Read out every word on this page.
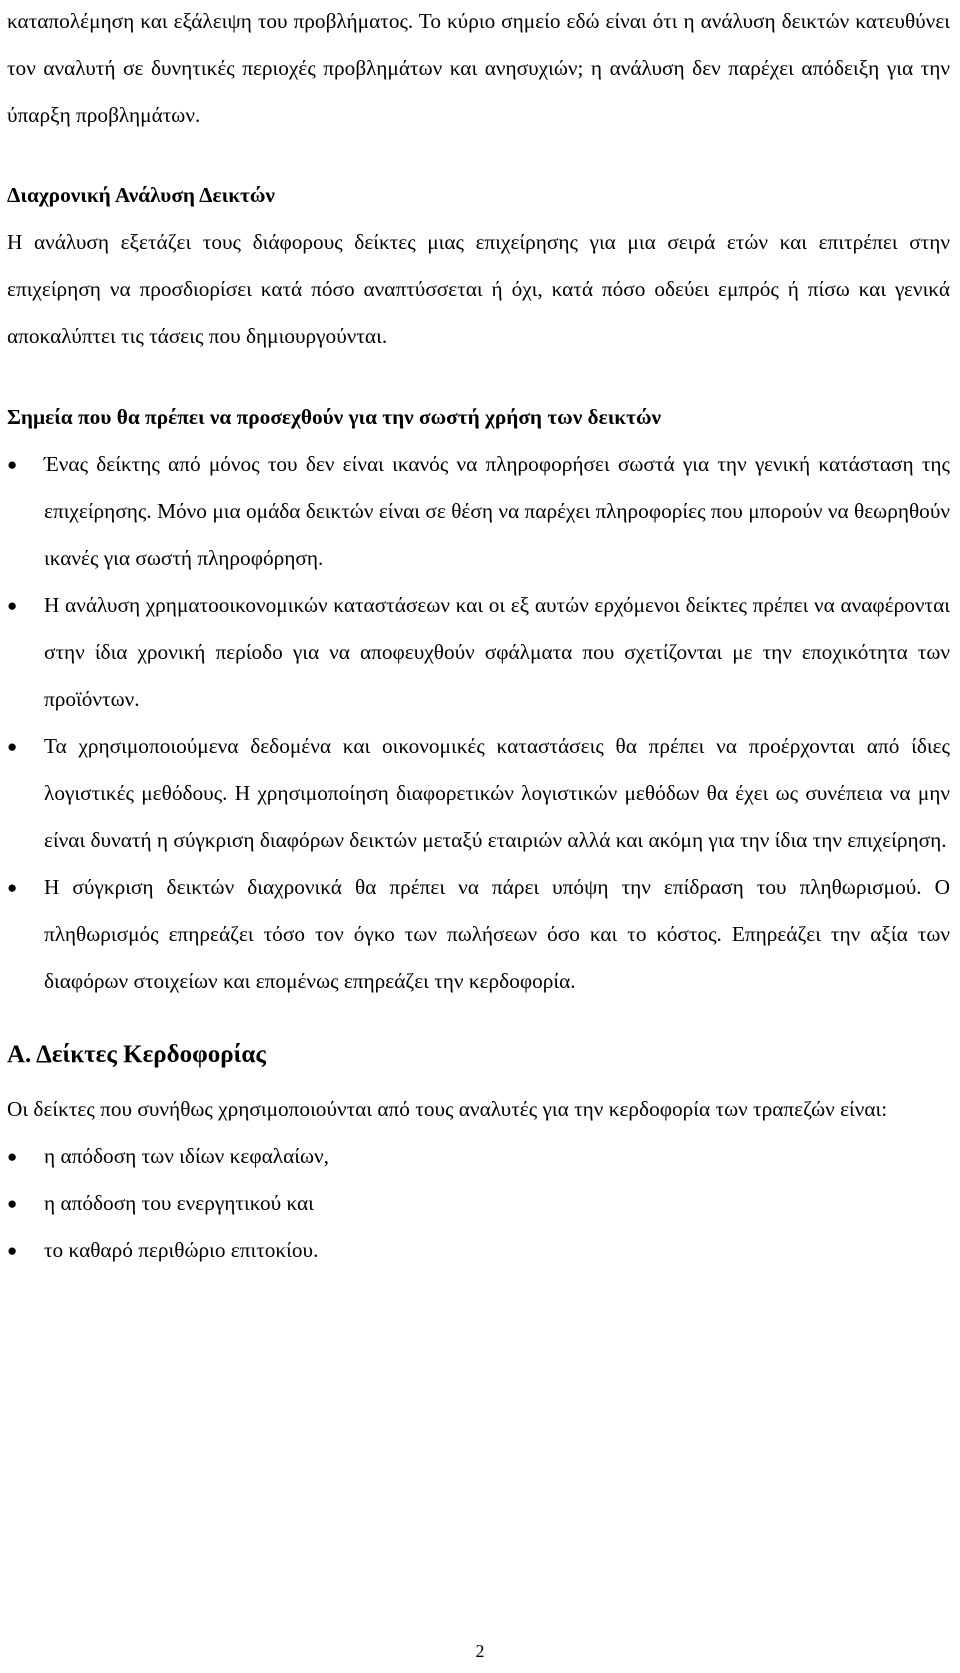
καταπολέμηση και εξάλειψη του προβλήματος. Το κύριο σημείο εδώ είναι ότι η ανάλυση δεικτών κατευθύνει τον αναλυτή σε δυνητικές περιοχές προβλημάτων και ανησυχιών; η ανάλυση δεν παρέχει απόδειξη για την ύπαρξη προβλημάτων.

Διαχρονική Ανάλυση Δεικτών

Η ανάλυση εξετάζει τους διάφορους δείκτες μιας επιχείρησης για μια σειρά ετών και επιτρέπει στην επιχείρηση να προσδιορίσει κατά πόσο αναπτύσσεται ή όχι, κατά πόσο οδεύει εμπρός ή πίσω και γενικά αποκαλύπτει τις τάσεις που δημιουργούνται.

Σημεία που θα πρέπει να προσεχθούν για την σωστή χρήση των δεικτών
●	Ένας δείκτης από μόνος του δεν είναι ικανός να πληροφορήσει σωστά για την γενική κατάσταση της επιχείρησης. Μόνο μια ομάδα δεικτών είναι σε θέση να παρέχει πληροφορίες που μπορούν να θεωρηθούν ικανές για σωστή πληροφόρηση.
●	Η ανάλυση χρηματοοικονομικών καταστάσεων και οι εξ αυτών ερχόμενοι δείκτες πρέπει να αναφέρονται στην ίδια χρονική περίοδο για να αποφευχθούν σφάλματα που σχετίζονται με την εποχικότητα των προϊόντων.
●	Τα χρησιμοποιούμενα δεδομένα και οικονομικές καταστάσεις θα πρέπει να προέρχονται από ίδιες λογιστικές μεθόδους. Η χρησιμοποίηση διαφορετικών λογιστικών μεθόδων θα έχει ως συνέπεια να μην είναι δυνατή η σύγκριση διαφόρων δεικτών μεταξύ εταιριών αλλά και ακόμη για την ίδια την επιχείρηση.
●	Η σύγκριση δεικτών διαχρονικά θα πρέπει να πάρει υπόψη την επίδραση του πληθωρισμού. Ο πληθωρισμός επηρεάζει τόσο τον όγκο των πωλήσεων όσο και το κόστος. Επηρεάζει την αξία των διαφόρων στοιχείων και επομένως επηρεάζει την κερδοφορία.
Α. Δείκτες Κερδοφορίας

Οι δείκτες που συνήθως χρησιμοποιούνται από τους αναλυτές για την κερδοφορία των τραπεζών είναι:

●	η απόδοση των ιδίων κεφαλαίων,
●	η απόδοση του ενεργητικού και
●	το καθαρό περιθώριο επιτοκίου.
2
